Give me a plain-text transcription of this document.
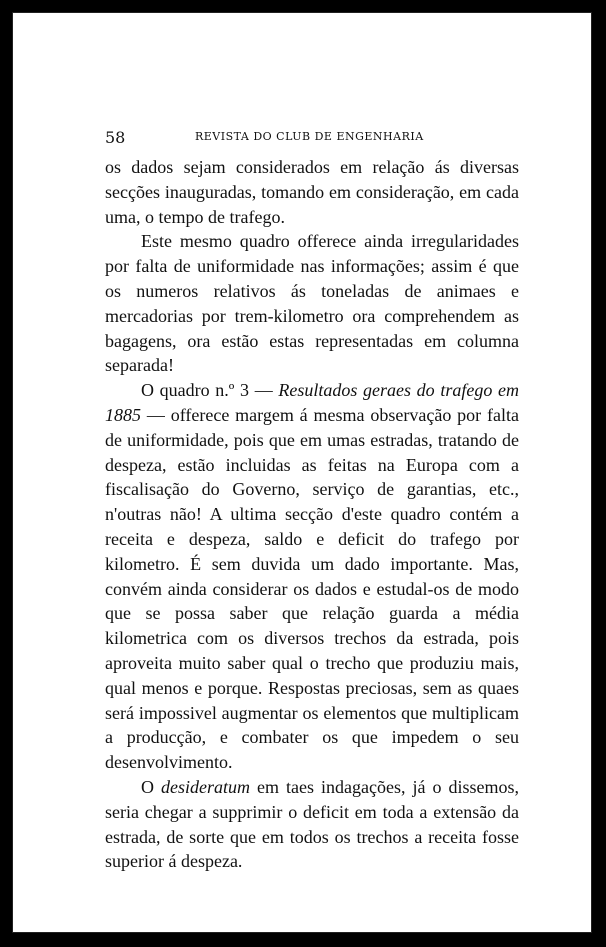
58	REVISTA DO CLUB DE ENGENHARIA

os dados sejam considerados em relação ás diversas secções inauguradas, tomando em consideração, em cada uma, o tempo de trafego.

Este mesmo quadro offerece ainda irregularidades por falta de uniformidade nas informações; assim é que os numeros relativos ás toneladas de animaes e mercadorias por trem-kilometro ora comprehendem as bagagens, ora estão estas representadas em columna separada!

O quadro n.º 3 — Resultados geraes do trafego em 1885 — offerece margem á mesma observação por falta de uniformidade, pois que em umas estradas, tratando de despeza, estão incluidas as feitas na Europa com a fiscalisação do Governo, serviço de garantias, etc., n'outras não! A ultima secção d'este quadro contém a receita e despeza, saldo e deficit do trafego por kilometro. É sem duvida um dado importante. Mas, convém ainda considerar os dados e estudal-os de modo que se possa saber que relação guarda a média kilometrica com os diversos trechos da estrada, pois aproveita muito saber qual o trecho que produziu mais, qual menos e porque. Respostas preciosas, sem as quaes será impossivel augmentar os elementos que multiplicam a producção, e combater os que impedem o seu desenvolvimento.

O desideratum em taes indagações, já o dissemos, seria chegar a supprimir o deficit em toda a extensão da estrada, de sorte que em todos os trechos a receita fosse superior á despeza.
